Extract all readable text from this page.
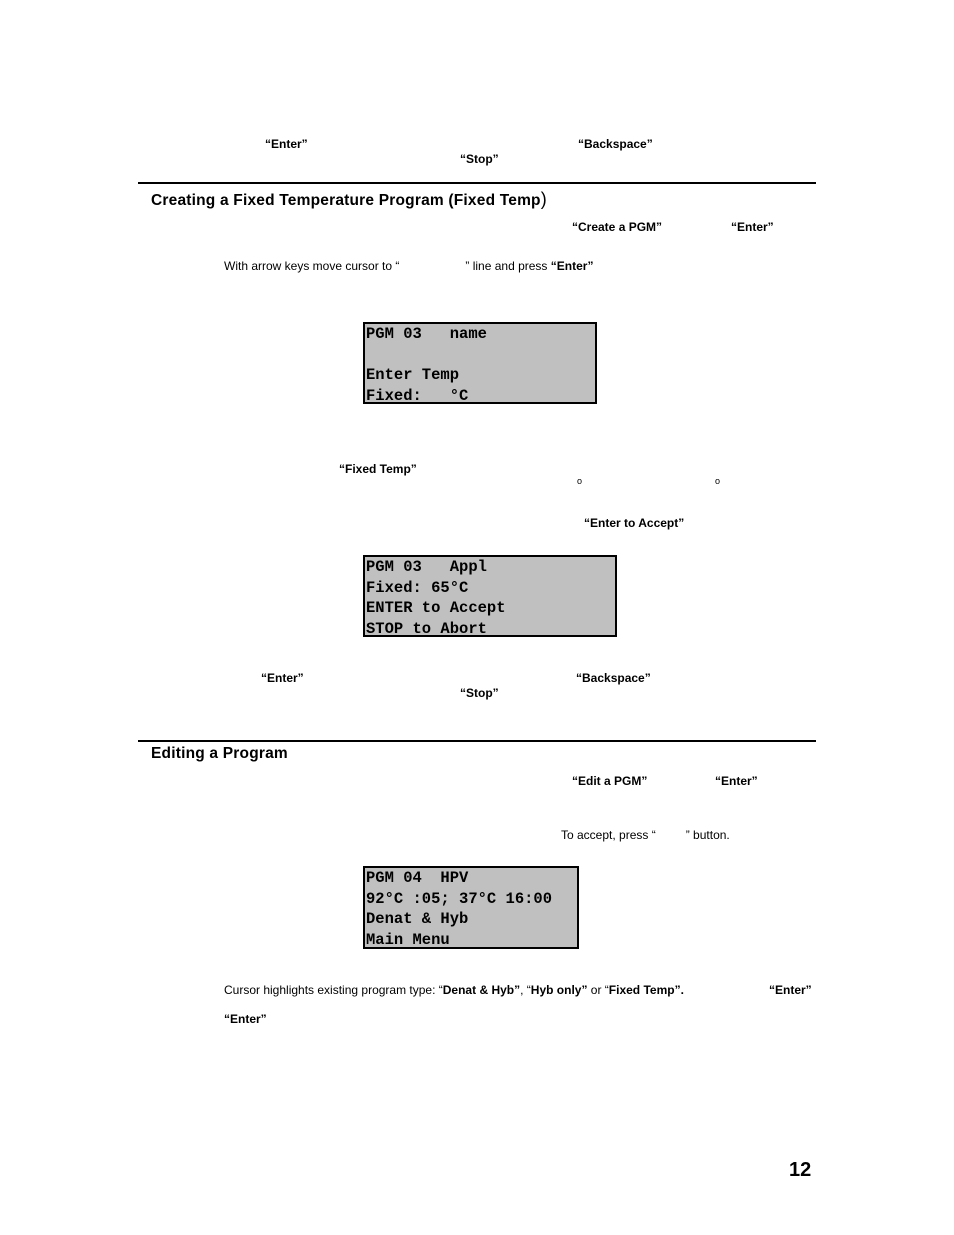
“Enter”	“Backspace”
“Stop”
Creating a Fixed Temperature Program (Fixed Temp)
“Create a PGM”	“Enter”
With arrow keys move cursor to “	” line and press “Enter”
PGM 03   name
Enter Temp
Fixed:   °C
“Fixed Temp”
o	o
“Enter to Accept”
PGM 03   Appl
Fixed: 65°C
ENTER to Accept
STOP to Abort
“Enter”	“Backspace”
“Stop”
Editing a Program
“Edit a PGM”	“Enter”
To accept, press “	” button.
PGM 04  HPV
92°C :05; 37°C 16:00
Denat & Hyb
Main Menu
Cursor highlights existing program type: “Denat & Hyb”, “Hyb only” or “Fixed Temp”.	“Enter”
“Enter”
12
